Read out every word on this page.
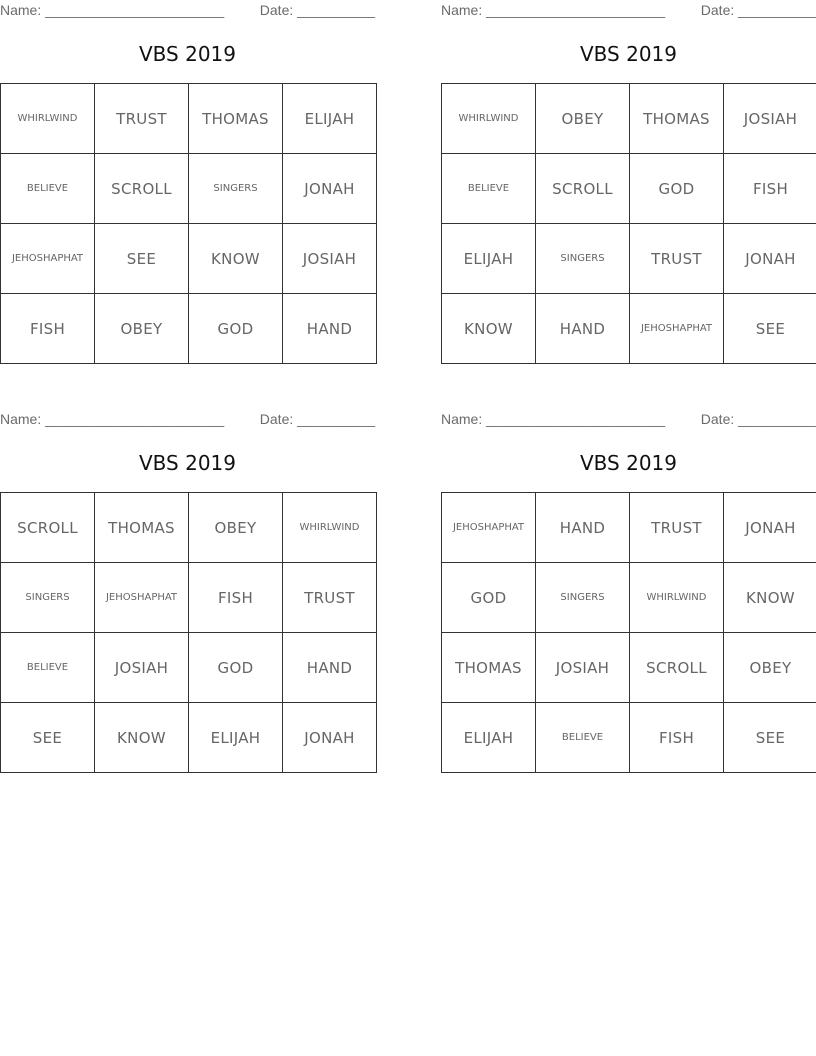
Name: _______________________	Date: __________
VBS 2019
WHIRLWIND	TRUST	THOMAS	ELIJAH
BELIEVE	SCROLL	SINGERS	JONAH
JEHOSHAPHAT	SEE	KNOW	JOSIAH
FISH	OBEY	GOD	HAND
Name: _______________________	Date: __________
VBS 2019
WHIRLWIND	OBEY	THOMAS	JOSIAH
BELIEVE	SCROLL	GOD	FISH
ELIJAH	SINGERS	TRUST	JONAH
KNOW	HAND	JEHOSHAPHAT	SEE
Name: _______________________	Date: __________
VBS 2019
SCROLL	THOMAS	OBEY	WHIRLWIND
SINGERS	JEHOSHAPHAT	FISH	TRUST
BELIEVE	JOSIAH	GOD	HAND
SEE	KNOW	ELIJAH	JONAH
Name: _______________________	Date: __________
VBS 2019
JEHOSHAPHAT	HAND	TRUST	JONAH
GOD	SINGERS	WHIRLWIND	KNOW
THOMAS	JOSIAH	SCROLL	OBEY
ELIJAH	BELIEVE	FISH	SEE
